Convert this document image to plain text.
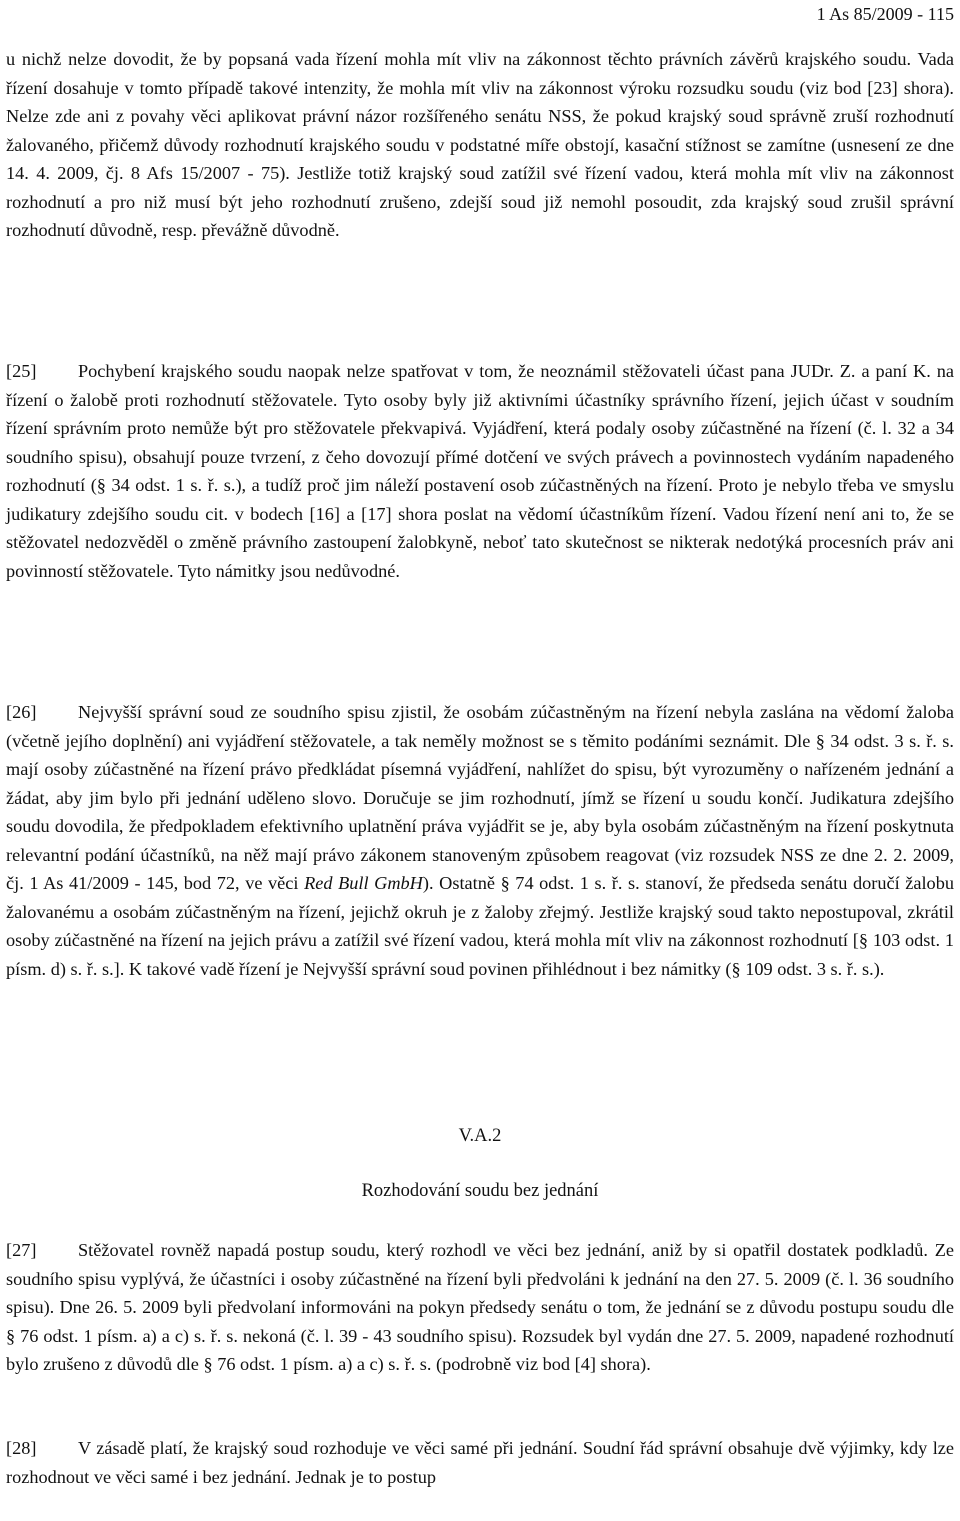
1 As 85/2009 - 115

u nichž nelze dovodit, že by popsaná vada řízení mohla mít vliv na zákonnost těchto právních závěrů krajského soudu. Vada řízení dosahuje v tomto případě takové intenzity, že mohla mít vliv na zákonnost výroku rozsudku soudu (viz bod [23] shora). Nelze zde ani z povahy věci aplikovat právní názor rozšířeného senátu NSS, že pokud krajský soud správně zruší rozhodnutí žalovaného, přičemž důvody rozhodnutí krajského soudu v podstatné míře obstojí, kasační stížnost se zamítne (usnesení ze dne 14. 4. 2009, čj. 8 Afs 15/2007 - 75). Jestliže totiž krajský soud zatížil své řízení vadou, která mohla mít vliv na zákonnost rozhodnutí a pro niž musí být jeho rozhodnutí zrušeno, zdejší soud již nemohl posoudit, zda krajský soud zrušil správní rozhodnutí důvodně, resp. převážně důvodně.

[25] Pochybení krajského soudu naopak nelze spatřovat v tom, že neoznámil stěžovateli účast pana JUDr. Z. a paní K. na řízení o žalobě proti rozhodnutí stěžovatele. Tyto osoby byly již aktivními účastníky správního řízení, jejich účast v soudním řízení správním proto nemůže být pro stěžovatele překvapivá. Vyjádření, která podaly osoby zúčastněné na řízení (č. l. 32 a 34 soudního spisu), obsahují pouze tvrzení, z čeho dovozují přímé dotčení ve svých právech a povinnostech vydáním napadeného rozhodnutí (§ 34 odst. 1 s. ř. s.), a tudíž proč jim náleží postavení osob zúčastněných na řízení. Proto je nebylo třeba ve smyslu judikatury zdejšího soudu cit. v bodech [16] a [17] shora poslat na vědomí účastníkům řízení. Vadou řízení není ani to, že se stěžovatel nedozvěděl o změně právního zastoupení žalobkyně, neboť tato skutečnost se nikterak nedotýká procesních práv ani povinností stěžovatele. Tyto námitky jsou nedůvodné.

[26] Nejvyšší správní soud ze soudního spisu zjistil, že osobám zúčastněným na řízení nebyla zaslána na vědomí žaloba (včetně jejího doplnění) ani vyjádření stěžovatele, a tak neměly možnost se s těmito podáními seznámit. Dle § 34 odst. 3 s. ř. s. mají osoby zúčastněné na řízení právo předkládat písemná vyjádření, nahlížet do spisu, být vyrozuměny o nařízeném jednání a žádat, aby jim bylo při jednání uděleno slovo. Doručuje se jim rozhodnutí, jímž se řízení u soudu končí. Judikatura zdejšího soudu dovodila, že předpokladem efektivního uplatnění práva vyjádřit se je, aby byla osobám zúčastněným na řízení poskytnuta relevantní podání účastníků, na něž mají právo zákonem stanoveným způsobem reagovat (viz rozsudek NSS ze dne 2. 2. 2009, čj. 1 As 41/2009 - 145, bod 72, ve věci Red Bull GmbH). Ostatně § 74 odst. 1 s. ř. s. stanoví, že předseda senátu doručí žalobu žalovanému a osobám zúčastněným na řízení, jejichž okruh je z žaloby zřejmý. Jestliže krajský soud takto nepostupoval, zkrátil osoby zúčastněné na řízení na jejich právu a zatížil své řízení vadou, která mohla mít vliv na zákonnost rozhodnutí [§ 103 odst. 1 písm. d) s. ř. s.]. K takové vadě řízení je Nejvyšší správní soud povinen přihlédnout i bez námitky (§ 109 odst. 3 s. ř. s.).

V.A.2
Rozhodování soudu bez jednání

[27] Stěžovatel rovněž napadá postup soudu, který rozhodl ve věci bez jednání, aniž by si opatřil dostatek podkladů. Ze soudního spisu vyplývá, že účastníci i osoby zúčastněné na řízení byli předvoláni k jednání na den 27. 5. 2009 (č. l. 36 soudního spisu). Dne 26. 5. 2009 byli předvolaní informováni na pokyn předsedy senátu o tom, že jednání se z důvodu postupu soudu dle § 76 odst. 1 písm. a) a c) s. ř. s. nekoná (č. l. 39 - 43 soudního spisu). Rozsudek byl vydán dne 27. 5. 2009, napadené rozhodnutí bylo zrušeno z důvodů dle § 76 odst. 1 písm. a) a c) s. ř. s. (podrobně viz bod [4] shora).

[28] V zásadě platí, že krajský soud rozhoduje ve věci samé při jednání. Soudní řád správní obsahuje dvě výjimky, kdy lze rozhodnout ve věci samé i bez jednání. Jednak je to postup
